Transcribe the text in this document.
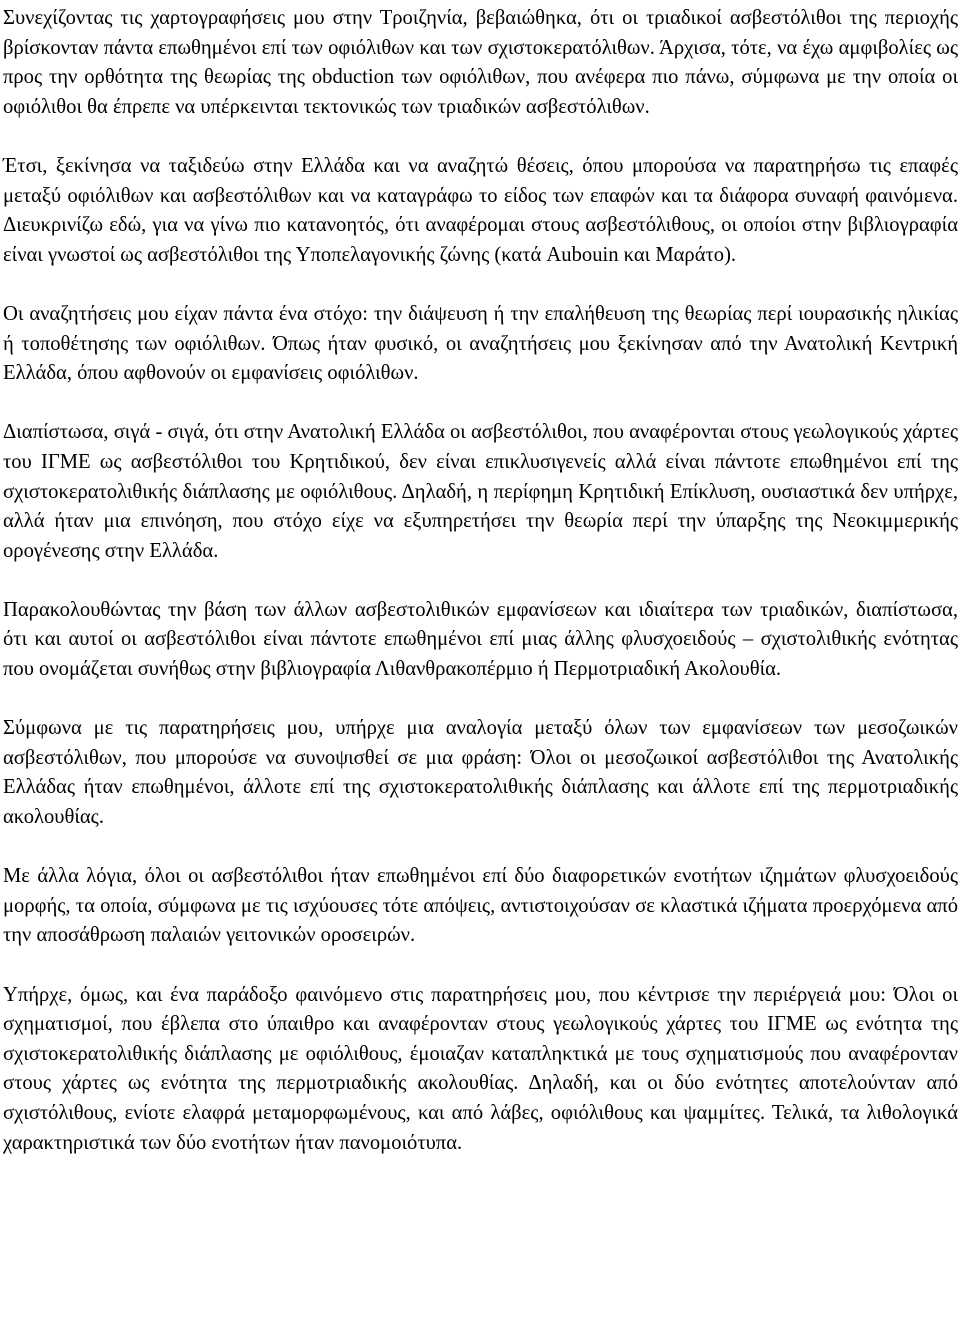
Συνεχίζοντας τις χαρτογραφήσεις μου στην Τροιζηνία, βεβαιώθηκα, ότι οι τριαδικοί ασβεστόλιθοι της περιοχής βρίσκονταν πάντα επωθημένοι επί των οφιόλιθων και των σχιστοκερατόλιθων. Άρχισα, τότε, να έχω αμφιβολίες ως προς την ορθότητα της θεωρίας της obduction των οφιόλιθων, που ανέφερα πιο πάνω, σύμφωνα με την οποία οι οφιόλιθοι θα έπρεπε να υπέρκεινται τεκτονικώς των τριαδικών ασβεστόλιθων.

Έτσι, ξεκίνησα να ταξιδεύω στην Ελλάδα και να αναζητώ θέσεις, όπου μπορούσα να παρατηρήσω τις επαφές μεταξύ οφιόλιθων και ασβεστόλιθων και να καταγράφω το είδος των επαφών και τα διάφορα συναφή φαινόμενα. Διευκρινίζω εδώ, για να γίνω πιο κατανοητός, ότι αναφέρομαι στους ασβεστόλιθους, οι οποίοι στην βιβλιογραφία είναι γνωστοί ως ασβεστόλιθοι της Υποπελαγονικής ζώνης (κατά Aubouin και Μαράτο).

Οι αναζητήσεις μου είχαν πάντα ένα στόχο: την διάψευση ή την επαλήθευση της θεωρίας περί ιουρασικής ηλικίας ή τοποθέτησης των οφιόλιθων. Όπως ήταν φυσικό, οι αναζητήσεις μου ξεκίνησαν από την Ανατολική Κεντρική Ελλάδα, όπου αφθονούν οι εμφανίσεις οφιόλιθων.

Διαπίστωσα, σιγά - σιγά, ότι στην Ανατολική Ελλάδα οι ασβεστόλιθοι, που αναφέρονται στους γεωλογικούς χάρτες του ΙΓΜΕ ως ασβεστόλιθοι του Κρητιδικού, δεν είναι επικλυσιγενείς αλλά είναι πάντοτε επωθημένοι επί της σχιστοκερατολιθικής διάπλασης με οφιόλιθους. Δηλαδή, η περίφημη Κρητιδική Επίκλυση, ουσιαστικά δεν υπήρχε, αλλά ήταν μια επινόηση, που στόχο είχε να εξυπηρετήσει την θεωρία περί την ύπαρξης της Νεοκιμμερικής ορογένεσης στην Ελλάδα.

Παρακολουθώντας την βάση των άλλων ασβεστολιθικών εμφανίσεων και ιδιαίτερα των τριαδικών, διαπίστωσα, ότι και αυτοί οι ασβεστόλιθοι είναι πάντοτε επωθημένοι επί μιας άλλης φλυσχοειδούς – σχιστολιθικής ενότητας που ονομάζεται συνήθως στην βιβλιογραφία Λιθανθρακοπέρμιο ή Περμοτριαδική Ακολουθία.

Σύμφωνα με τις παρατηρήσεις μου, υπήρχε μια αναλογία μεταξύ όλων των εμφανίσεων των μεσοζωικών ασβεστόλιθων, που μπορούσε να συνοψισθεί σε μια φράση: Όλοι οι μεσοζωικοί ασβεστόλιθοι της Ανατολικής Ελλάδας ήταν επωθημένοι, άλλοτε επί της σχιστοκερατολιθικής διάπλασης και άλλοτε επί της περμοτριαδικής ακολουθίας.

Με άλλα λόγια, όλοι οι ασβεστόλιθοι ήταν επωθημένοι επί δύο διαφορετικών ενοτήτων ιζημάτων φλυσχοειδούς μορφής, τα οποία, σύμφωνα με τις ισχύουσες τότε απόψεις, αντιστοιχούσαν σε κλαστικά ιζήματα προερχόμενα από την αποσάθρωση παλαιών γειτονικών οροσειρών.

Υπήρχε, όμως, και ένα παράδοξο φαινόμενο στις παρατηρήσεις μου, που κέντρισε την περιέργειά μου: Όλοι οι σχηματισμοί, που έβλεπα στο ύπαιθρο και αναφέρονταν στους γεωλογικούς χάρτες του ΙΓΜΕ ως ενότητα της σχιστοκερατολιθικής διάπλασης με οφιόλιθους, έμοιαζαν καταπληκτικά με τους σχηματισμούς που αναφέρονταν στους χάρτες ως ενότητα της περμοτριαδικής ακολουθίας. Δηλαδή, και οι δύο ενότητες αποτελούνταν από σχιστόλιθους, ενίοτε ελαφρά μεταμορφωμένους, και από λάβες, οφιόλιθους και ψαμμίτες. Τελικά, τα λιθολογικά χαρακτηριστικά των δύο ενοτήτων ήταν πανομοιότυπα.
